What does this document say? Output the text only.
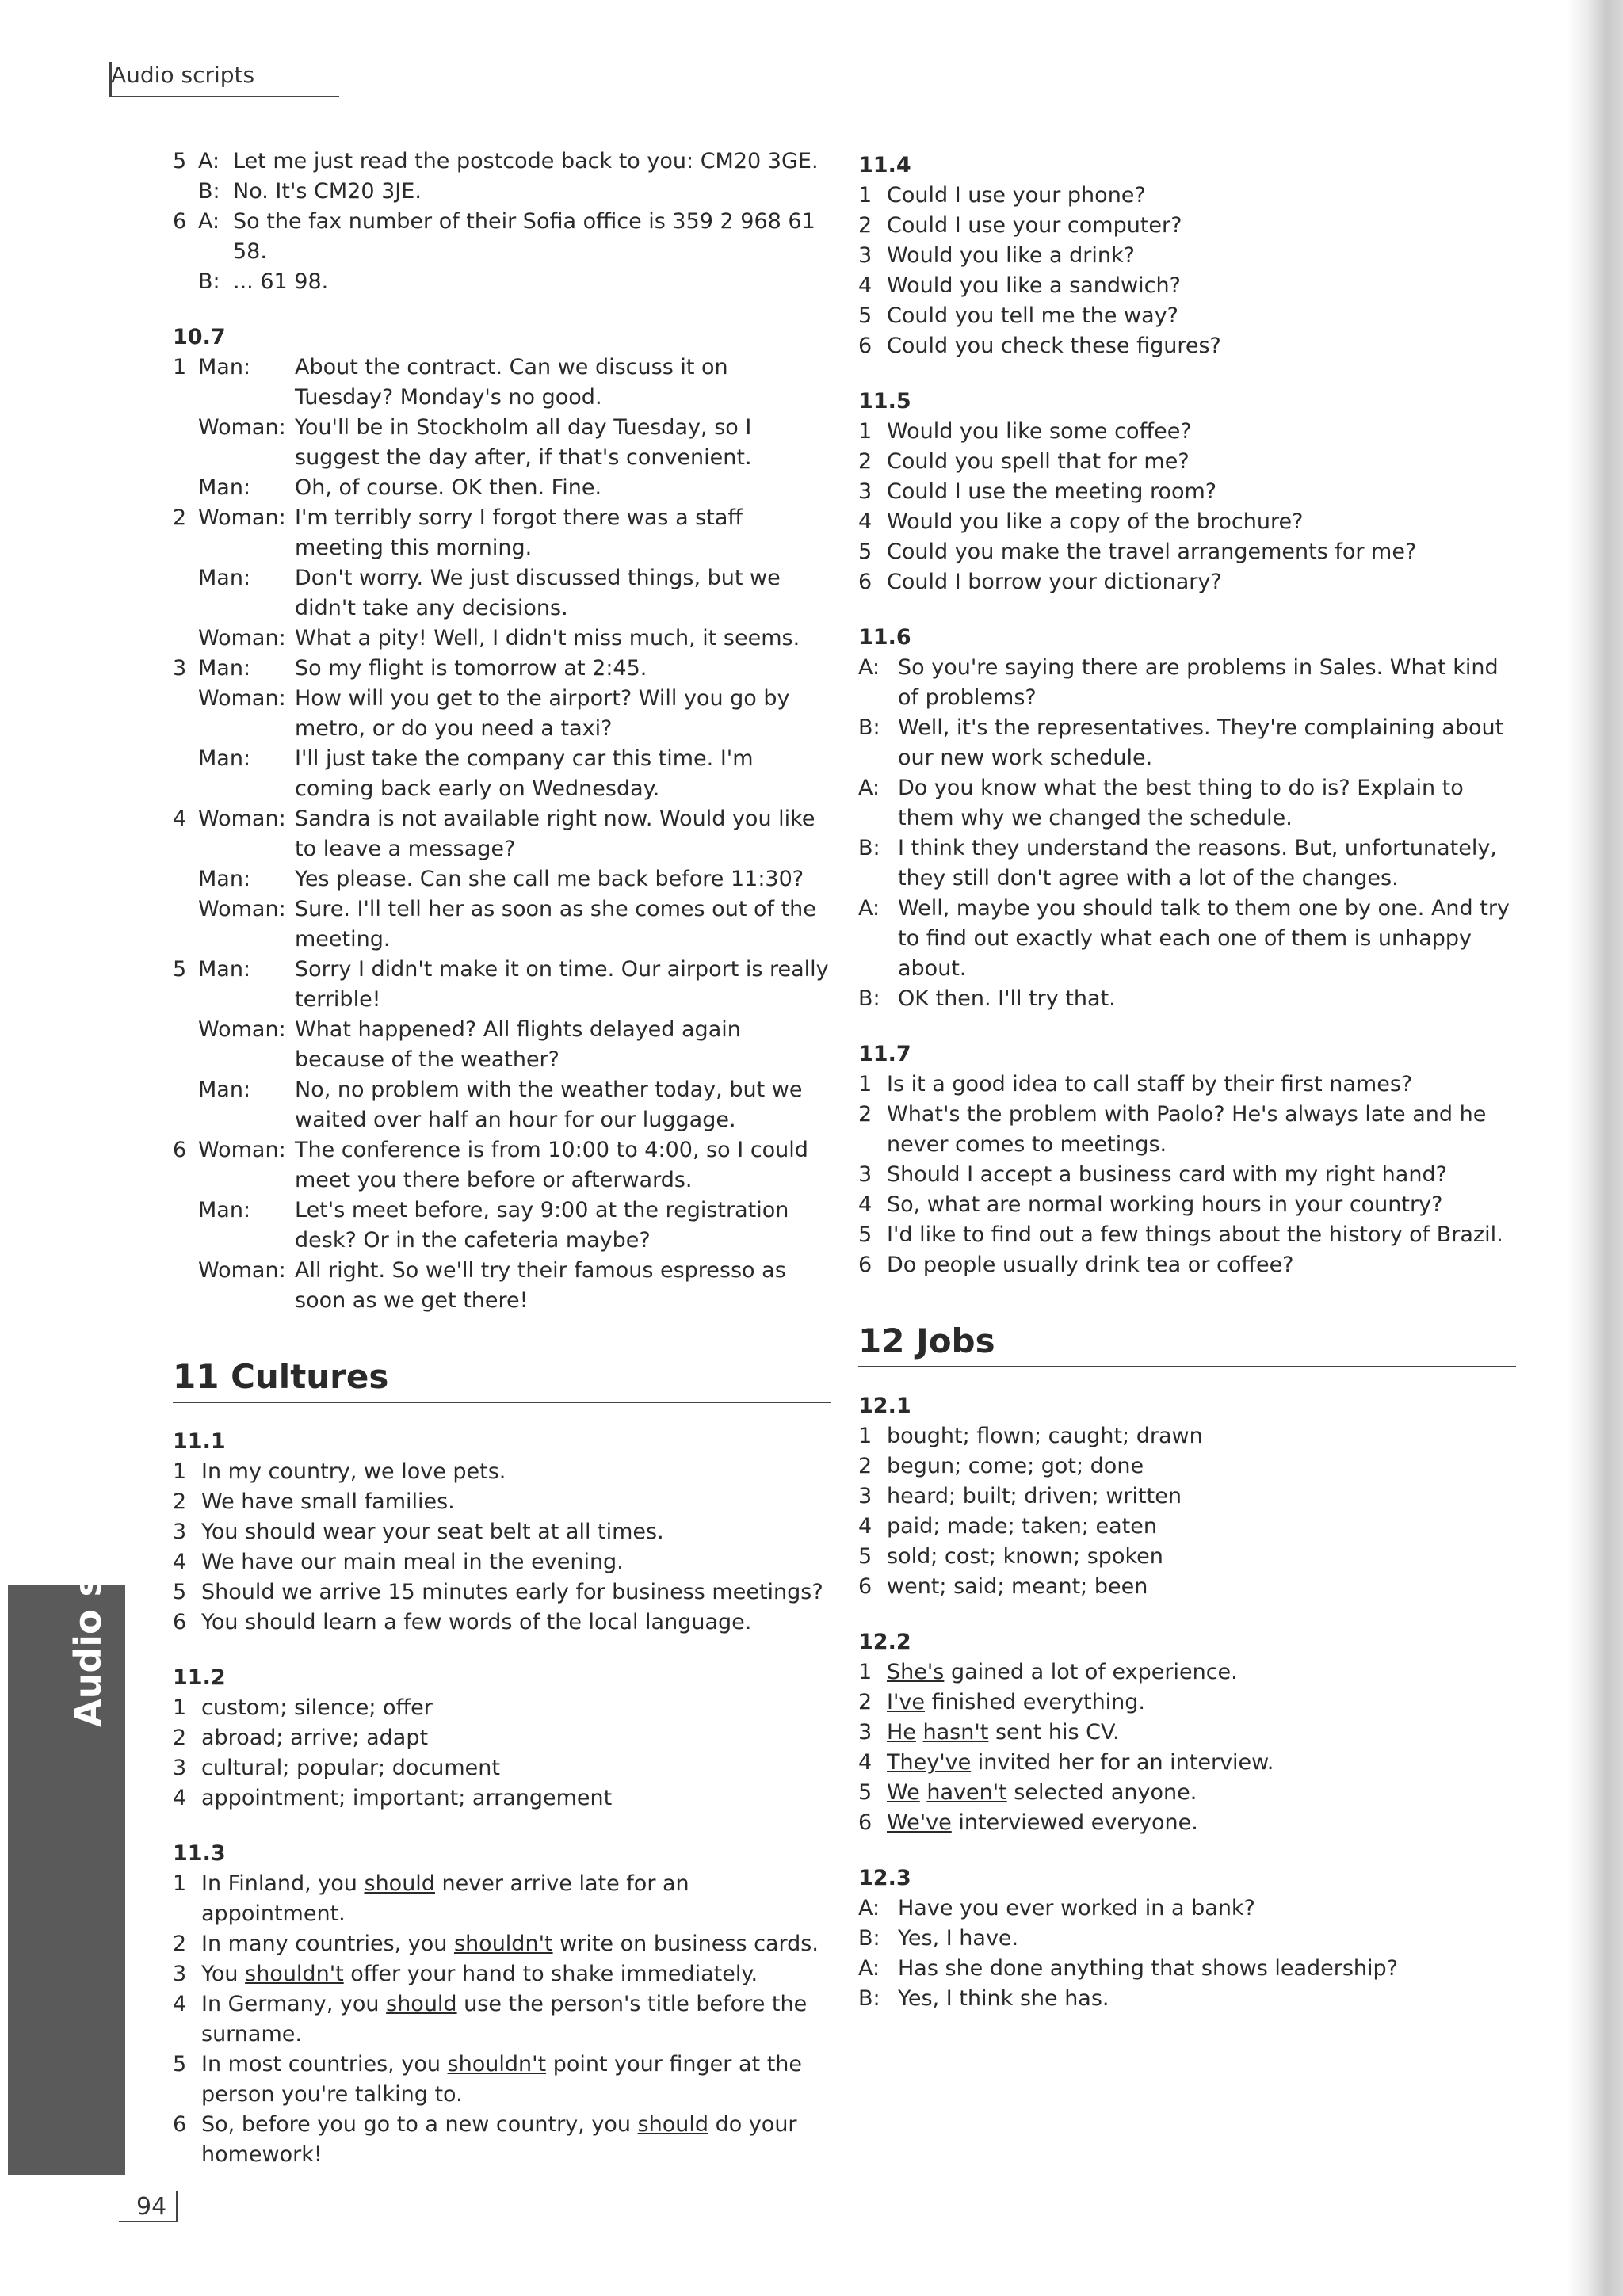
Audio scripts
Audio scripts
94
5 A: Let me just read the postcode back to you: CM20 3GE.
B: No. It's CM20 3JE.
6 A: So the fax number of their Sofia office is 359 2 968 61 58.
B: ... 61 98.
10.7
1 Man:	About the contract. Can we discuss it on Tuesday? Monday's no good.
Woman: You'll be in Stockholm all day Tuesday, so I suggest the day after, if that's convenient.
Man:	Oh, of course. OK then. Fine.
2 Woman: I'm terribly sorry I forgot there was a staff meeting this morning.
Man:	Don't worry. We just discussed things, but we didn't take any decisions.
Woman: What a pity! Well, I didn't miss much, it seems.
3 Man:	So my flight is tomorrow at 2:45.
Woman: How will you get to the airport? Will you go by metro, or do you need a taxi?
Man:	I'll just take the company car this time. I'm coming back early on Wednesday.
4 Woman: Sandra is not available right now. Would you like to leave a message?
Man:	Yes please. Can she call me back before 11:30?
Woman: Sure. I'll tell her as soon as she comes out of the meeting.
5 Man:	Sorry I didn't make it on time. Our airport is really terrible!
Woman: What happened? All flights delayed again because of the weather?
Man:	No, no problem with the weather today, but we waited over half an hour for our luggage.
6 Woman: The conference is from 10:00 to 4:00, so I could meet you there before or afterwards.
Man:	Let's meet before, say 9:00 at the registration desk? Or in the cafeteria maybe?
Woman: All right. So we'll try their famous espresso as soon as we get there!
11 Cultures
11.1
1 In my country, we love pets.
2 We have small families.
3 You should wear your seat belt at all times.
4 We have our main meal in the evening.
5 Should we arrive 15 minutes early for business meetings?
6 You should learn a few words of the local language.
11.2
1 custom; silence; offer
2 abroad; arrive; adapt
3 cultural; popular; document
4 appointment; important; arrangement
11.3
1 In Finland, you should never arrive late for an appointment.
2 In many countries, you shouldn't write on business cards.
3 You shouldn't offer your hand to shake immediately.
4 In Germany, you should use the person's title before the surname.
5 In most countries, you shouldn't point your finger at the person you're talking to.
6 So, before you go to a new country, you should do your homework!
11.4
1 Could I use your phone?
2 Could I use your computer?
3 Would you like a drink?
4 Would you like a sandwich?
5 Could you tell me the way?
6 Could you check these figures?
11.5
1 Would you like some coffee?
2 Could you spell that for me?
3 Could I use the meeting room?
4 Would you like a copy of the brochure?
5 Could you make the travel arrangements for me?
6 Could I borrow your dictionary?
11.6
A: So you're saying there are problems in Sales. What kind of problems?
B: Well, it's the representatives. They're complaining about our new work schedule.
A: Do you know what the best thing to do is? Explain to them why we changed the schedule.
B: I think they understand the reasons. But, unfortunately, they still don't agree with a lot of the changes.
A: Well, maybe you should talk to them one by one. And try to find out exactly what each one of them is unhappy about.
B: OK then. I'll try that.
11.7
1 Is it a good idea to call staff by their first names?
2 What's the problem with Paolo? He's always late and he never comes to meetings.
3 Should I accept a business card with my right hand?
4 So, what are normal working hours in your country?
5 I'd like to find out a few things about the history of Brazil.
6 Do people usually drink tea or coffee?
12 Jobs
12.1
1 bought; flown; caught; drawn
2 begun; come; got; done
3 heard; built; driven; written
4 paid; made; taken; eaten
5 sold; cost; known; spoken
6 went; said; meant; been
12.2
1 She's gained a lot of experience.
2 I've finished everything.
3 He hasn't sent his CV.
4 They've invited her for an interview.
5 We haven't selected anyone.
6 We've interviewed everyone.
12.3
A: Have you ever worked in a bank?
B: Yes, I have.
A: Has she done anything that shows leadership?
B: Yes, I think she has.
